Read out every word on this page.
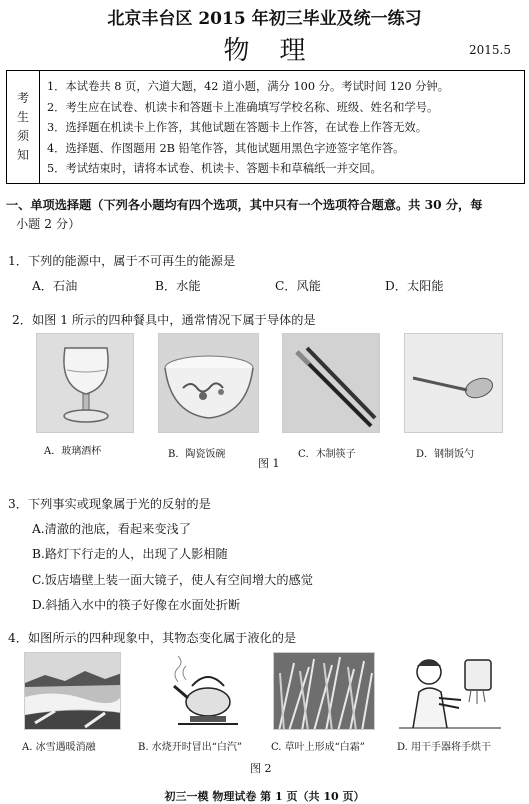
北京丰台区 2015 年初三毕业及统一练习
物理	2015.5
考
生
须
知
1．本试卷共 8 页，六道大题，42 道小题，满分 100 分。考试时间 120 分钟。
2．考生应在试卷、机读卡和答题卡上准确填写学校名称、班级、姓名和学号。
3．选择题在机读卡上作答，其他试题在答题卡上作答，在试卷上作答无效。
4．选择题、作图题用 2B 铅笔作答，其他试题用黑色字迹签字笔作答。
5．考试结束时，请将本试卷、机读卡、答题卡和草稿纸一并交回。
一、单项选择题（下列各小题均有四个选项，其中只有一个选项符合题意。共 30 分，每
小题 2 分）
1．下列的能源中，属于不可再生的能源是
A．石油	B．水能	C．风能	D．太阳能
2．如图 1 所示的四种餐具中，通常情况下属于导体的是
A．玻璃酒杯	B．陶瓷饭碗	C．木制筷子	D．钢制饭勺
图 1
3．下列事实或现象属于光的反射的是
A.清澈的池底，看起来变浅了
B.路灯下行走的人，出现了人影相随
C.饭店墙壁上装一面大镜子，使人有空间增大的感觉
D.斜插入水中的筷子好像在水面处折断
4．如图所示的四种现象中，其物态变化属于液化的是
A. 冰雪遇暖消融	B. 水烧开时冒出“白汽”	C. 草叶上形成“白霜”	D. 用干手器将手烘干
图 2
初三一模 物理试卷 第 1 页（共 10 页）
